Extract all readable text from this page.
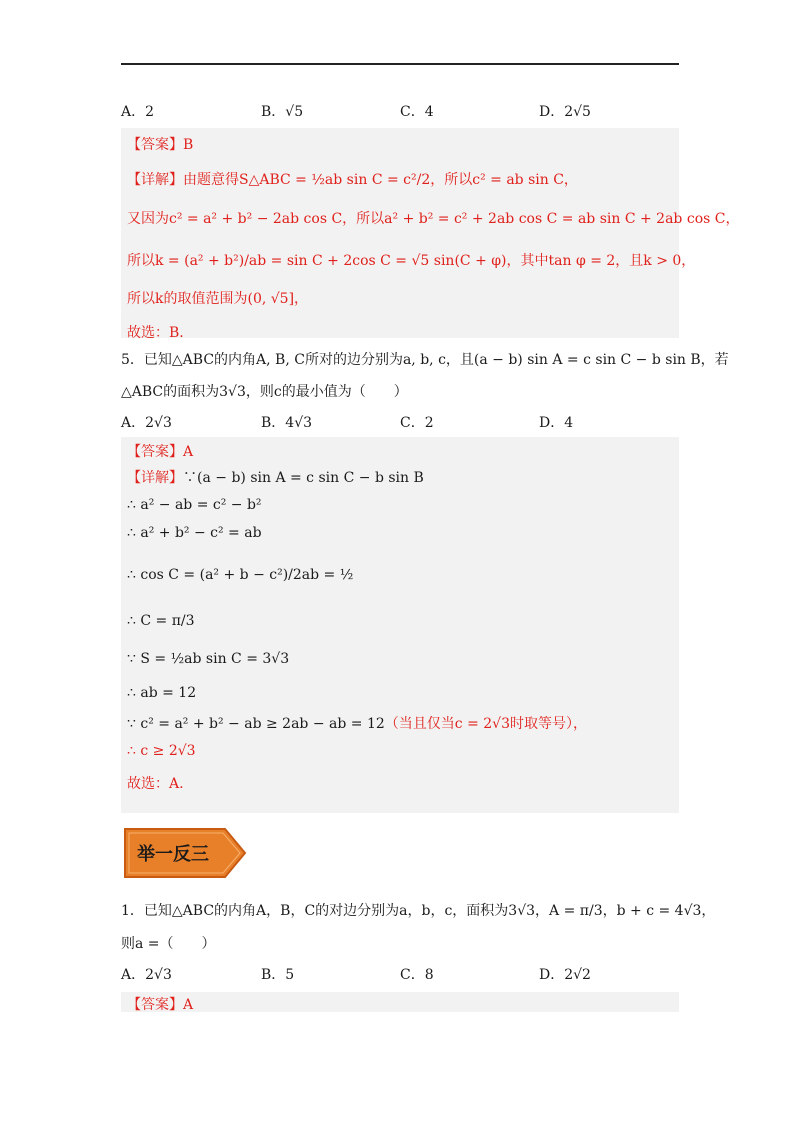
A．2	B．√5	C．4	D．2√5
【答案】B
【详解】由题意得S△ABC = ½ab sin C = c²/2，所以c² = ab sin C，
又因为c² = a² + b² − 2ab cos C，所以a² + b² = c² + 2ab cos C = ab sin C + 2ab cos C，
所以k = (a² + b²)/ab = sin C + 2cos C = √5 sin(C + φ)，其中tan φ = 2，且k > 0，
所以k的取值范围为(0, √5]，
故选：B.
5．已知△ABC的内角A, B, C所对的边分别为a, b, c，且(a − b) sin A = c sin C − b sin B，若
△ABC的面积为3√3，则c的最小值为（　　）
A．2√3	B．4√3	C．2	D．4
【答案】A
【详解】∵(a − b) sin A = c sin C − b sin B
∴ a² − ab = c² − b²
∴ a² + b² − c² = ab
∴ cos C = (a² + b − c²)/2ab = ½
∴ C = π/3
∵ S = ½ab sin C = 3√3
∴ ab = 12
∵ c² = a² + b² − ab ≥ 2ab − ab = 12（当且仅当c = 2√3时取等号），
∴ c ≥ 2√3
故选：A.
举一反三
1．已知△ABC的内角A，B，C的对边分别为a，b，c，面积为3√3，A = π/3，b + c = 4√3，
则a =（　　）
A．2√3	B．5	C．8	D．2√2
【答案】A
